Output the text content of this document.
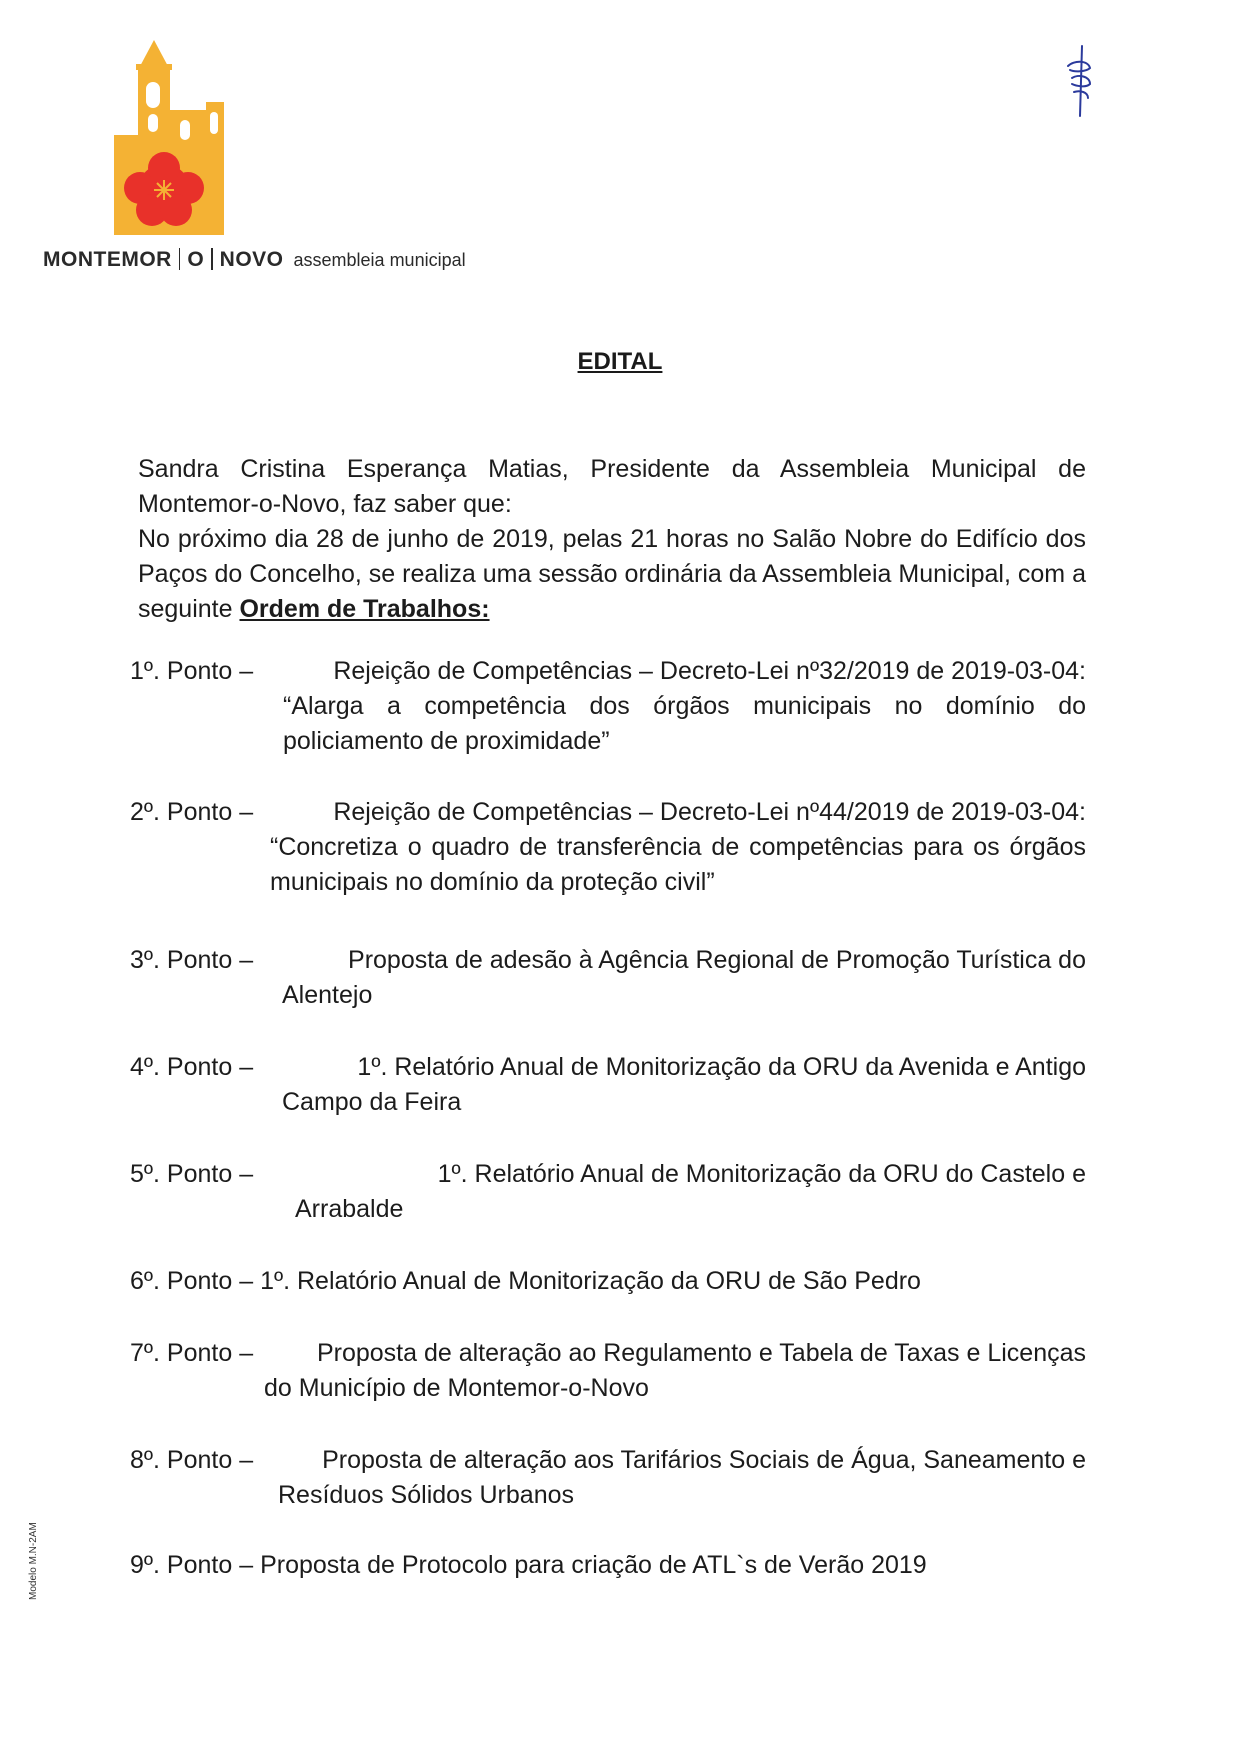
MONTEMOR O NOVO assembleia municipal
EDITAL

Sandra Cristina Esperança Matias, Presidente da Assembleia Municipal de Montemor-o-Novo, faz saber que:

No próximo dia 28 de junho de 2019, pelas 21 horas no Salão Nobre do Edifício dos Paços do Concelho, se realiza uma sessão ordinária da Assembleia Municipal, com a seguinte Ordem de Trabalhos:

1º. Ponto –	Rejeição de Competências – Decreto-Lei nº32/2019 de 2019-03-04:
“Alarga a competência dos órgãos municipais no domínio do policiamento de proximidade”
2º. Ponto –	Rejeição de Competências – Decreto-Lei nº44/2019 de 2019-03-04:
“Concretiza o quadro de transferência de competências para os órgãos municipais no domínio da proteção civil”
3º. Ponto –	Proposta de adesão à Agência Regional de Promoção Turística do
Alentejo
4º. Ponto –	1º. Relatório Anual de Monitorização da ORU da Avenida e Antigo
Campo da Feira
5º. Ponto –	1º. Relatório Anual de Monitorização da ORU do Castelo e
Arrabalde
6º. Ponto –
1º. Relatório Anual de Monitorização da ORU de São Pedro
7º. Ponto –	Proposta de alteração ao Regulamento e Tabela de Taxas e Licenças
do Município de Montemor-o-Novo
8º. Ponto –	Proposta de alteração aos Tarifários Sociais de Água, Saneamento e
Resíduos Sólidos Urbanos
9º. Ponto –
Proposta de Protocolo para criação de ATL`s de Verão 2019
Modelo M.N-2AM
